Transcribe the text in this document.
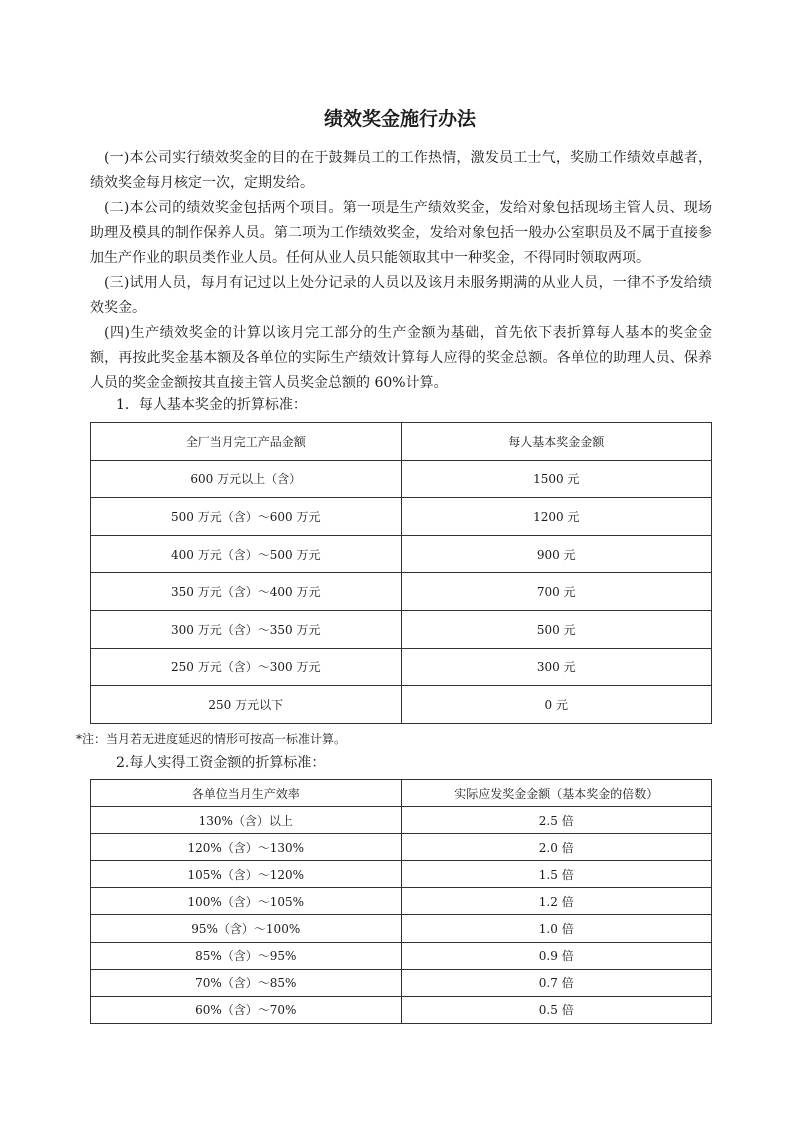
绩效奖金施行办法

(一)本公司实行绩效奖金的目的在于鼓舞员工的工作热情，激发员工士气，奖励工作绩效卓越者，绩效奖金每月核定一次，定期发给。

(二)本公司的绩效奖金包括两个项目。第一项是生产绩效奖金，发给对象包括现场主管人员、现场助理及模具的制作保养人员。第二项为工作绩效奖金，发给对象包括一般办公室职员及不属于直接参加生产作业的职员类作业人员。任何从业人员只能领取其中一种奖金，不得同时领取两项。

(三)试用人员，每月有记过以上处分记录的人员以及该月未服务期满的从业人员，一律不予发给绩效奖金。

(四)生产绩效奖金的计算以该月完工部分的生产金额为基础，首先依下表折算每人基本的奖金金额，再按此奖金基本额及各单位的实际生产绩效计算每人应得的奖金总额。各单位的助理人员、保养人员的奖金金额按其直接主管人员奖金总额的 60%计算。

1．每人基本奖金的折算标准：
全厂当月完工产品金额	每人基本奖金金额
600 万元以上（含）	1500 元
500 万元（含）～600 万元	1200 元
400 万元（含）～500 万元	900 元
350 万元（含）～400 万元	700 元
300 万元（含）～350 万元	500 元
250 万元（含）～300 万元	300 元
250 万元以下	0 元
*注：当月若无进度延迟的情形可按高一标准计算。
2.每人实得工资金额的折算标准：
各单位当月生产效率	实际应发奖金金额（基本奖金的倍数）
130%（含）以上	2.5 倍
120%（含）～130%	2.0 倍
105%（含）～120%	1.5 倍
100%（含）～105%	1.2 倍
95%（含）～100%	1.0 倍
85%（含）～95%	0.9 倍
70%（含）～85%	0.7 倍
60%（含）～70%	0.5 倍
